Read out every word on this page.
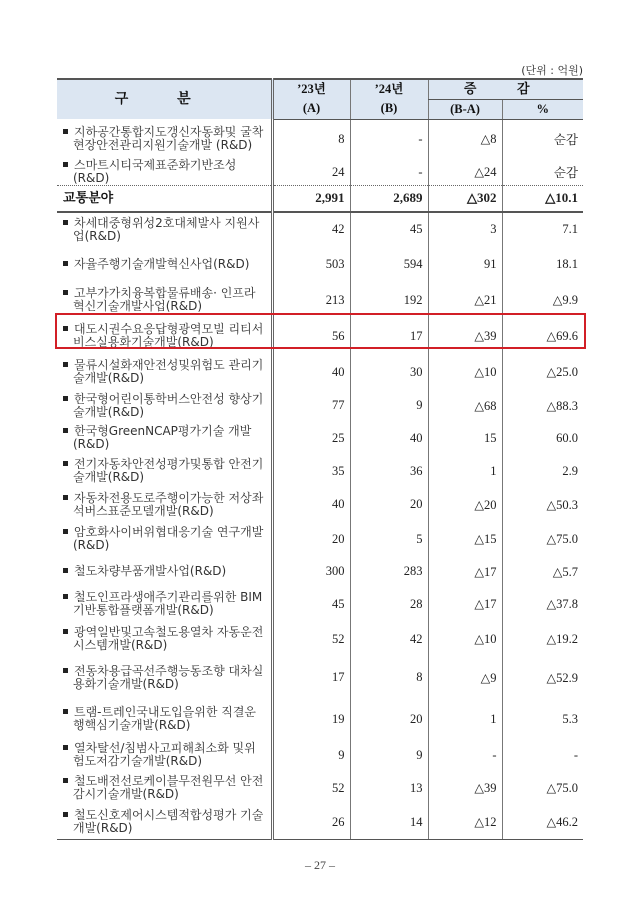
(단위 : 억원)
구 분	’23년	’24년	증 감	
	(A)	(B)	(B-A)	%
지하공간통합지도갱신자동화및 굴착현장안전관리지원기술개발 (R&D)	8	-	△8	순감
스마트시티국제표준화기반조성(R&D)	24	-	△24	순감
교통분야	2,991	2,689	△302	△10.1
차세대중형위성2호대체발사 지원사업(R&D)	42	45	3	7.1
자율주행기술개발혁신사업(R&D)	503	594	91	18.1
고부가가치융복합물류배송· 인프라혁신기술개발사업(R&D)	213	192	△21	△9.9
대도시권수요응답형광역모빌 리티서비스실용화기술개발(R&D)	56	17	△39	△69.6
물류시설화재안전성및위험도 관리기술개발(R&D)	40	30	△10	△25.0
한국형어린이통학버스안전성 향상기술개발(R&D)	77	9	△68	△88.3
한국형GreenNCAP평가기술 개발(R&D)	25	40	15	60.0
전기자동차안전성평가및통합 안전기술개발(R&D)	35	36	1	2.9
자동차전용도로주행이가능한 저상좌석버스표준모델개발(R&D)	40	20	△20	△50.3
암호화사이버위협대응기술 연구개발(R&D)	20	5	△15	△75.0
철도차량부품개발사업(R&D)	300	283	△17	△5.7
철도인프라생애주기관리를위한 BIM기반통합플랫폼개발(R&D)	45	28	△17	△37.8
광역일반및고속철도용열차 자동운전시스템개발(R&D)	52	42	△10	△19.2
전동차용급곡선주행능동조향 대차실용화기술개발(R&D)	17	8	△9	△52.9
트램-트레인국내도입을위한 직결운행핵심기술개발(R&D)	19	20	1	5.3
열차탈선/침범사고피해최소화 및위험도저감기술개발(R&D)	9	9	-	-
철도배전선로케이블무전원무선 안전감시기술개발(R&D)	52	13	△39	△75.0
철도신호제어시스템적합성평가 기술개발(R&D)	26	14	△12	△46.2
– 27 –
